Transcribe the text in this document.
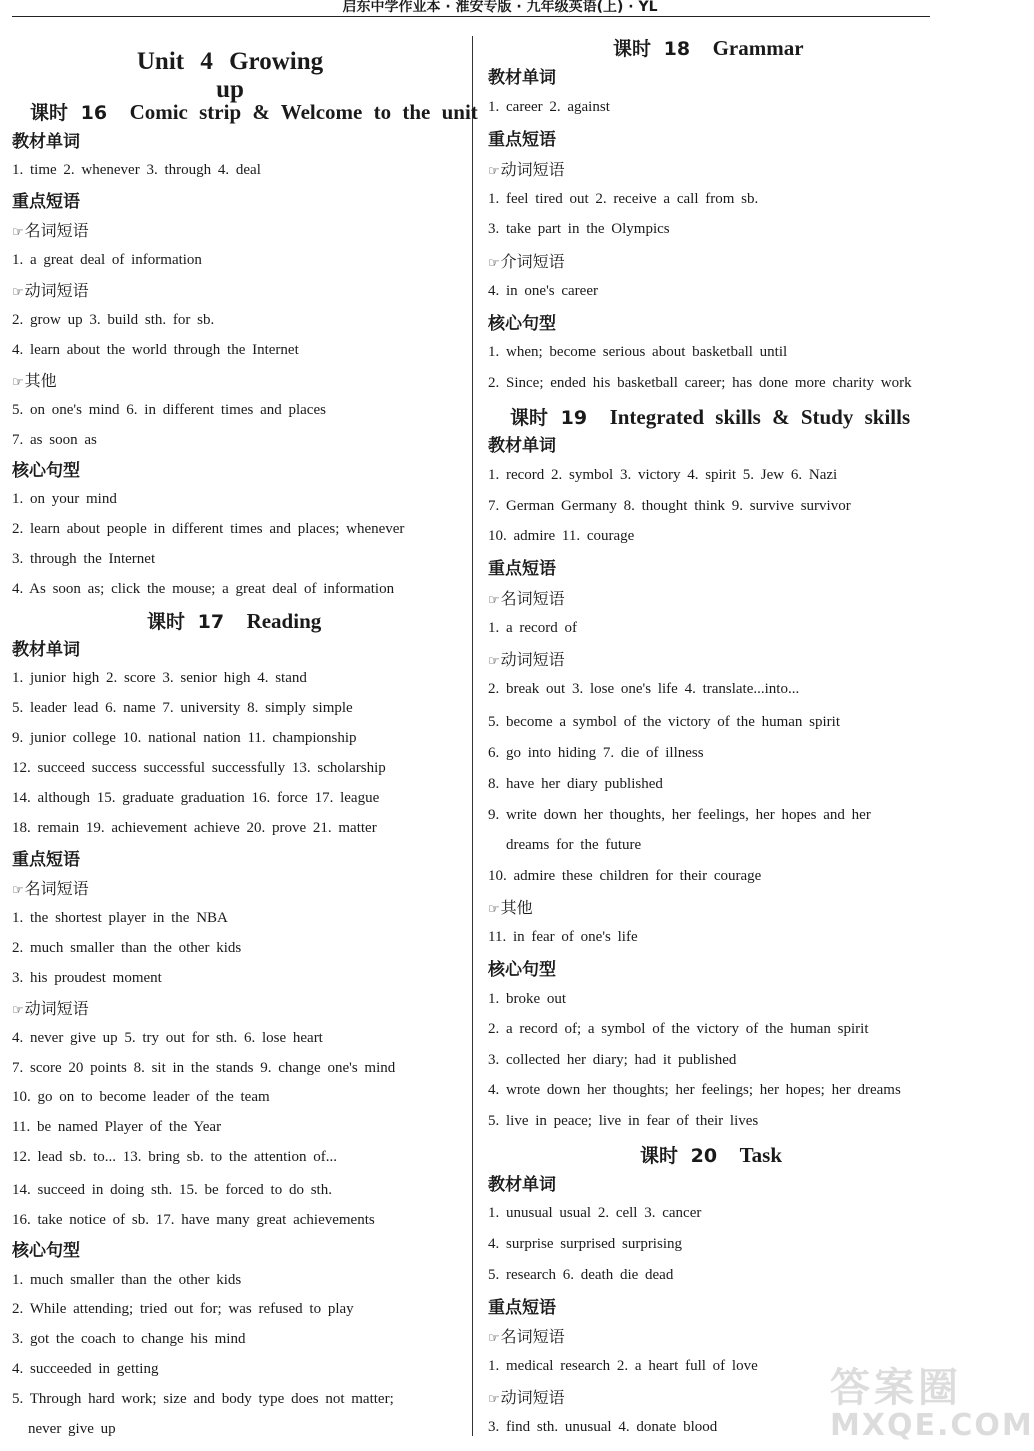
启东中学作业本 · 淮安专版 · 九年级英语(上) · YL
Unit 4 Growing up
课时 16 Comic strip & Welcome to the unit
教材单词
1. time 2. whenever 3. through 4. deal
重点短语
☞名词短语
1. a great deal of information
☞动词短语
2. grow up 3. build sth. for sb.
4. learn about the world through the Internet
☞其他
5. on one's mind 6. in different times and places
7. as soon as
核心句型
1. on your mind
2. learn about people in different times and places; whenever
3. through the Internet
4. As soon as; click the mouse; a great deal of information
课时 17 Reading
教材单词
1. junior high 2. score 3. senior high 4. stand
5. leader lead 6. name 7. university 8. simply simple
9. junior college 10. national nation 11. championship
12. succeed success successful successfully 13. scholarship
14. although 15. graduate graduation 16. force 17. league
18. remain 19. achievement achieve 20. prove 21. matter
重点短语
☞名词短语
1. the shortest player in the NBA
2. much smaller than the other kids
3. his proudest moment
☞动词短语
4. never give up 5. try out for sth. 6. lose heart
7. score 20 points 8. sit in the stands 9. change one's mind
10. go on to become leader of the team
11. be named Player of the Year
12. lead sb. to... 13. bring sb. to the attention of...
14. succeed in doing sth. 15. be forced to do sth.
16. take notice of sb. 17. have many great achievements
核心句型
1. much smaller than the other kids
2. While attending; tried out for; was refused to play
3. got the coach to change his mind
4. succeeded in getting
5. Through hard work; size and body type does not matter;
never give up
课时 18 Grammar
教材单词
1. career 2. against
重点短语
☞动词短语
1. feel tired out 2. receive a call from sb.
3. take part in the Olympics
☞介词短语
4. in one's career
核心句型
1. when; become serious about basketball until
2. Since; ended his basketball career; has done more charity work
课时 19 Integrated skills & Study skills
教材单词
1. record 2. symbol 3. victory 4. spirit 5. Jew 6. Nazi
7. German Germany 8. thought think 9. survive survivor
10. admire 11. courage
重点短语
☞名词短语
1. a record of
☞动词短语
2. break out 3. lose one's life 4. translate...into...
5. become a symbol of the victory of the human spirit
6. go into hiding 7. die of illness
8. have her diary published
9. write down her thoughts, her feelings, her hopes and her
dreams for the future
10. admire these children for their courage
☞其他
11. in fear of one's life
核心句型
1. broke out
2. a record of; a symbol of the victory of the human spirit
3. collected her diary; had it published
4. wrote down her thoughts; her feelings; her hopes; her dreams
5. live in peace; live in fear of their lives
课时 20 Task
教材单词
1. unusual usual 2. cell 3. cancer
4. surprise surprised surprising
5. research 6. death die dead
重点短语
☞名词短语
1. medical research 2. a heart full of love
☞动词短语
3. find sth. unusual 4. donate blood
答案圈
MXQE.COM
